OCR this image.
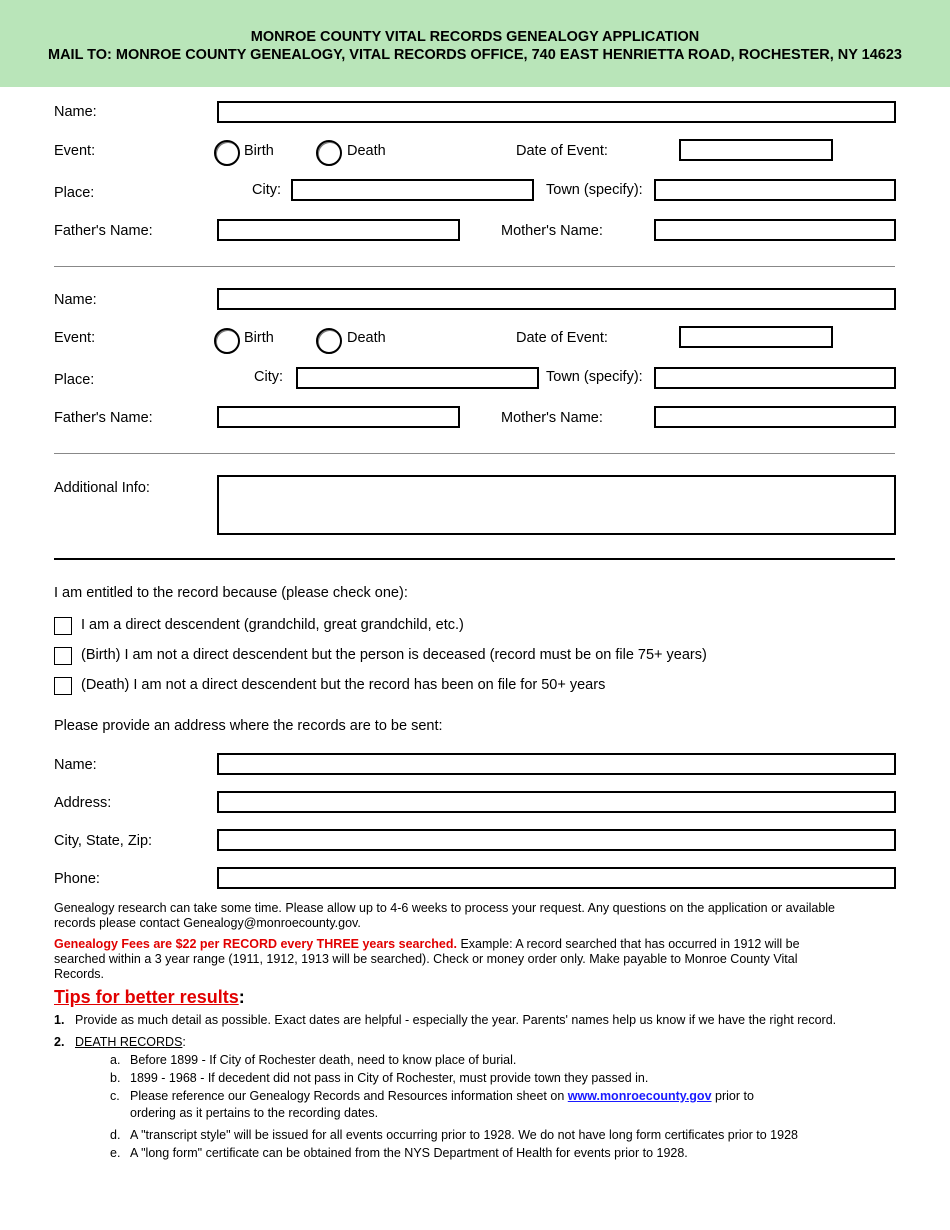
MONROE COUNTY VITAL RECORDS GENEALOGY APPLICATION
MAIL TO: MONROE COUNTY GENEALOGY, VITAL RECORDS OFFICE, 740 EAST HENRIETTA ROAD, ROCHESTER, NY 14623
Name:
Event:	Birth	Death	Date of Event:
Place:	City:	Town (specify):
Father's Name:	Mother's Name:
Name:
Event:	Birth	Death	Date of Event:
Place:	City:	Town (specify):
Father's Name:	Mother's Name:
Additional Info:
I am entitled to the record because (please check one):
I am a direct descendent (grandchild, great grandchild, etc.)
(Birth) I am not a direct descendent but the person is deceased (record must be on file 75+ years)
(Death) I am not a direct descendent but the record has been on file for 50+ years
Please provide an address where the records are to be sent:
Name:
Address:
City, State, Zip:
Phone:
Genealogy research can take some time. Please allow up to 4-6 weeks to process your request. Any questions on the application or available
records please contact Genealogy@monroecounty.gov.
Genealogy Fees are $22 per RECORD every THREE years searched. Example: A record searched that has occurred in 1912 will be
searched within a 3 year range (1911, 1912, 1913 will be searched). Check or money order only. Make payable to Monroe County Vital
Records.
Tips for better results:
1. Provide as much detail as possible. Exact dates are helpful - especially the year. Parents' names help us know if we have the right record.
2. DEATH RECORDS:
a. Before 1899 - If City of Rochester death, need to know place of burial.
b. 1899 - 1968 - If decedent did not pass in City of Rochester, must provide town they passed in.
c. Please reference our Genealogy Records and Resources information sheet on www.monroecounty.gov prior to
ordering as it pertains to the recording dates.
d. A "transcript style" will be issued for all events occurring prior to 1928. We do not have long form certificates prior to 1928
e. A "long form" certificate can be obtained from the NYS Department of Health for events prior to 1928.
